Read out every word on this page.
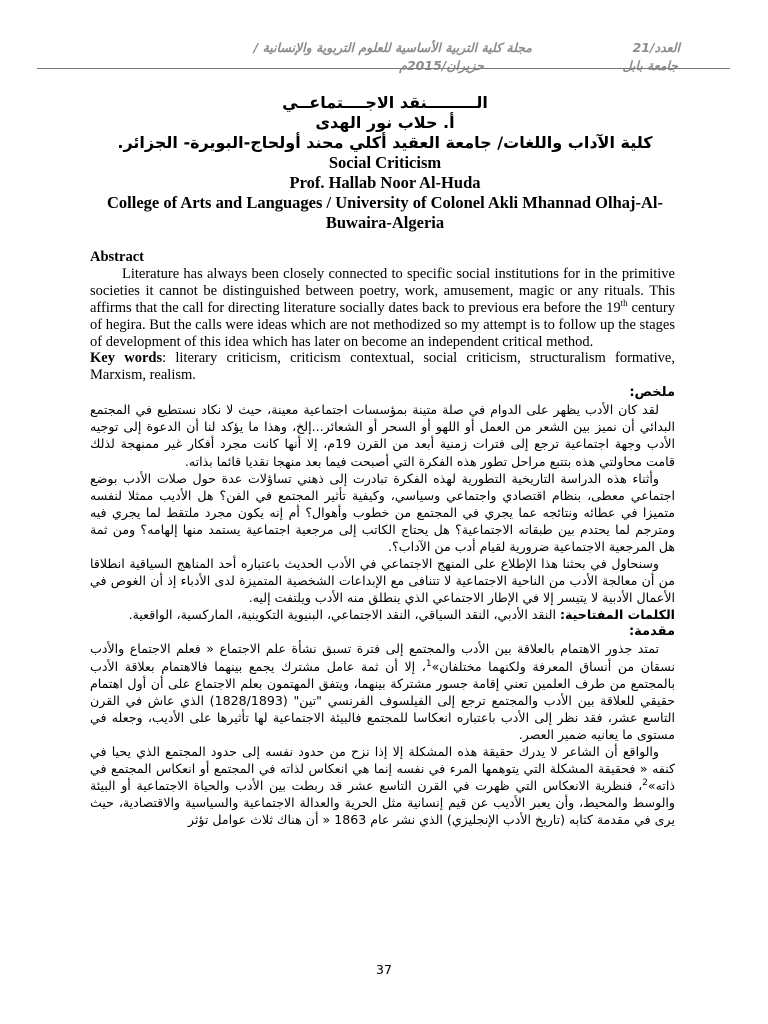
العدد/21
مجلة كلية التربية الأساسية للعلوم التربوية والإنسانية /
جامعة بابل
حزيران/2015م

الـــــــــنقد الاجــــتماعــي

أ. حلاب نور الهدى

كلية الآداب واللغات/ جامعة العقيد أكلي محند أولحاج-البويرة- الجزائر.

Social Criticism

Prof. Hallab Noor Al-Huda

College of Arts and Languages / University of Colonel Akli Mhannad Olhaj-Al-Buwaira-Algeria

Abstract

Literature has always been closely connected to specific social institutions for in the primitive societies it cannot be distinguished between poetry, work, amusement, magic or any rituals. This affirms that the call for directing literature socially dates back to previous era before the 19th century of hegira. But the calls were ideas which are not methodized so my attempt is to follow up the stages of development of this idea which has later on become an independent critical method.

Key words: literary criticism, criticism contextual, social criticism, structuralism formative, Marxism, realism.

ملخص:

لقد كان الأدب يظهر على الدوام في صلة متينة بمؤسسات اجتماعية معينة، حيث لا نكاد نستطيع في المجتمع البدائي أن نميز بين الشعر من العمل أو اللهو أو السحر أو الشعائر...إلخ، وهذا ما يؤكد لنا أن الدعوة إلى توجيه الأدب وجهة اجتماعية ترجع إلى فترات زمنية أبعد من القرن 19م، إلا أنها كانت مجرد أفكار غير ممنهجة لذلك قامت محاولتي هذه بتتبع مراحل تطور هذه الفكرة التي أصبحت فيما بعد منهجا نقديا قائما بذاته.

وأثناء هذه الدراسة التاريخية التطورية لهذه الفكرة تبادرت إلى ذهني تساؤلات عدة حول صلات الأدب بوضع اجتماعي معطى، بنظام اقتصادي واجتماعي وسياسي، وكيفية تأثير المجتمع في الفن؟ هل الأديب ممثلا لنفسه متميزا في عطائه ونتائجه عما يجري في المجتمع من خطوب وأهوال؟ أم إنه يكون مجرد ملتقط لما يجري فيه ومترجم لما يحتدم بين طبقاته الاجتماعية؟ هل يحتاج الكاتب إلى مرجعية اجتماعية يستمد منها إلهامه؟ ومن ثمة هل المرجعية الاجتماعية ضرورية لقيام أدب من الآداب؟.

وسنحاول في بحثنا هذا الإطلاع على المنهج الاجتماعي في الأدب الحديث باعتباره أحد المناهج السياقية انطلاقا من أن معالجة الأدب من الناحية الاجتماعية لا تتنافى مع الإبداعات الشخصية المتميزة لدى الأدباء إذ أن الغوص في الأعمال الأدبية لا يتيسر إلا في الإطار الاجتماعي الذي ينطلق منه الأدب ويلتفت إليه.

الكلمات المفتاحية: النقد الأدبي، النقد السياقي، النقد الاجتماعي، البنيوية التكوينية، الماركسية، الواقعية.

مقدمة:

تمتد جذور الاهتمام بالعلاقة بين الأدب والمجتمع إلى فترة تسبق نشأة علم الاجتماع « فعلم الاجتماع والأدب نسقان من أنساق المعرفة ولكنهما مختلفان»$^1$، إلا أن ثمة عامل مشترك يجمع بينهما فالاهتمام بعلاقة الأدب بالمجتمع من طرف العلمين تعني إقامة جسور مشتركة بينهما، ويتفق المهتمون بعلم الاجتماع على أن أول اهتمام حقيقي للعلاقة بين الأدب والمجتمع ترجع إلى الفيلسوف الفرنسي "تين" (1828/1893) الذي عاش في القرن التاسع عشر، فقد نظر إلى الأدب باعتباره انعكاسا للمجتمع فالبيئة الاجتماعية لها تأثيرها على الأديب، وجعله في مستوى ما يعانيه ضمير العصر.

والواقع أن الشاعر لا يدرك حقيقة هذه المشكلة إلا إذا نزح من حدود نفسه إلى حدود المجتمع الذي يحيا في كنفه « فحقيقة المشكلة التي يتوهمها المرء في نفسه إنما هي انعكاس لذاته في المجتمع أو انعكاس المجتمع في ذاته»$^2$، فنظرية الانعكاس التي ظهرت في القرن التاسع عشر قد ربطت بين الأدب والحياة الاجتماعية أو البيئة والوسط والمحيط، وأن يعبر الأديب عن قيم إنسانية مثل الحرية والعدالة الاجتماعية والسياسية والاقتصادية، حيث يرى في مقدمة كتابه (تاريخ الأدب الإنجليزي) الذي نشر عام 1863 « أن هناك ثلاث عوامل تؤثر

37
